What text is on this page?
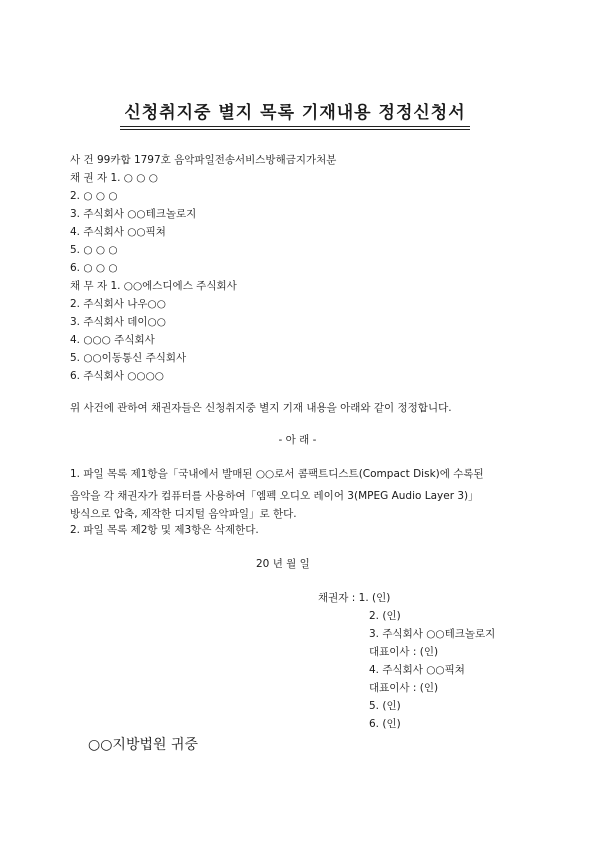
신청취지중 별지 목록 기재내용 정정신청서
사 건 99카합 1797호 음악파일전송서비스방해금지가처분
채 권 자 1. ○ ○ ○
2. ○ ○ ○
3. 주식회사 ○○테크놀로지
4. 주식회사 ○○픽쳐
5. ○ ○ ○
6. ○ ○ ○
채 무 자 1. ○○에스디에스 주식회사
2. 주식회사 나우○○
3. 주식회사 데이○○
4. ○○○ 주식회사
5. ○○이동통신 주식회사
6. 주식회사 ○○○○
위 사건에 관하여 채권자들은 신청취지중 별지 기재 내용을 아래와 같이 정정합니다.
- 아 래 -
1. 파일 목록 제1항을「국내에서 발매된 ○○로서 콤팩트디스트(Compact Disk)에 수록된
음악을 각 채권자가 컴퓨터를 사용하여「엠펙 오디오 레이어 3(MPEG Audio Layer 3)」
방식으로 압축, 제작한 디지털 음악파일」로 한다.
2. 파일 목록 제2항 및 제3항은 삭제한다.
20 년 월 일
채권자 : 1. (인)
2. (인)
3. 주식회사 ○○테크놀로지
대표이사 : (인)
4. 주식회사 ○○픽쳐
대표이사 : (인)
5. (인)
6. (인)
○○지방법원 귀중
